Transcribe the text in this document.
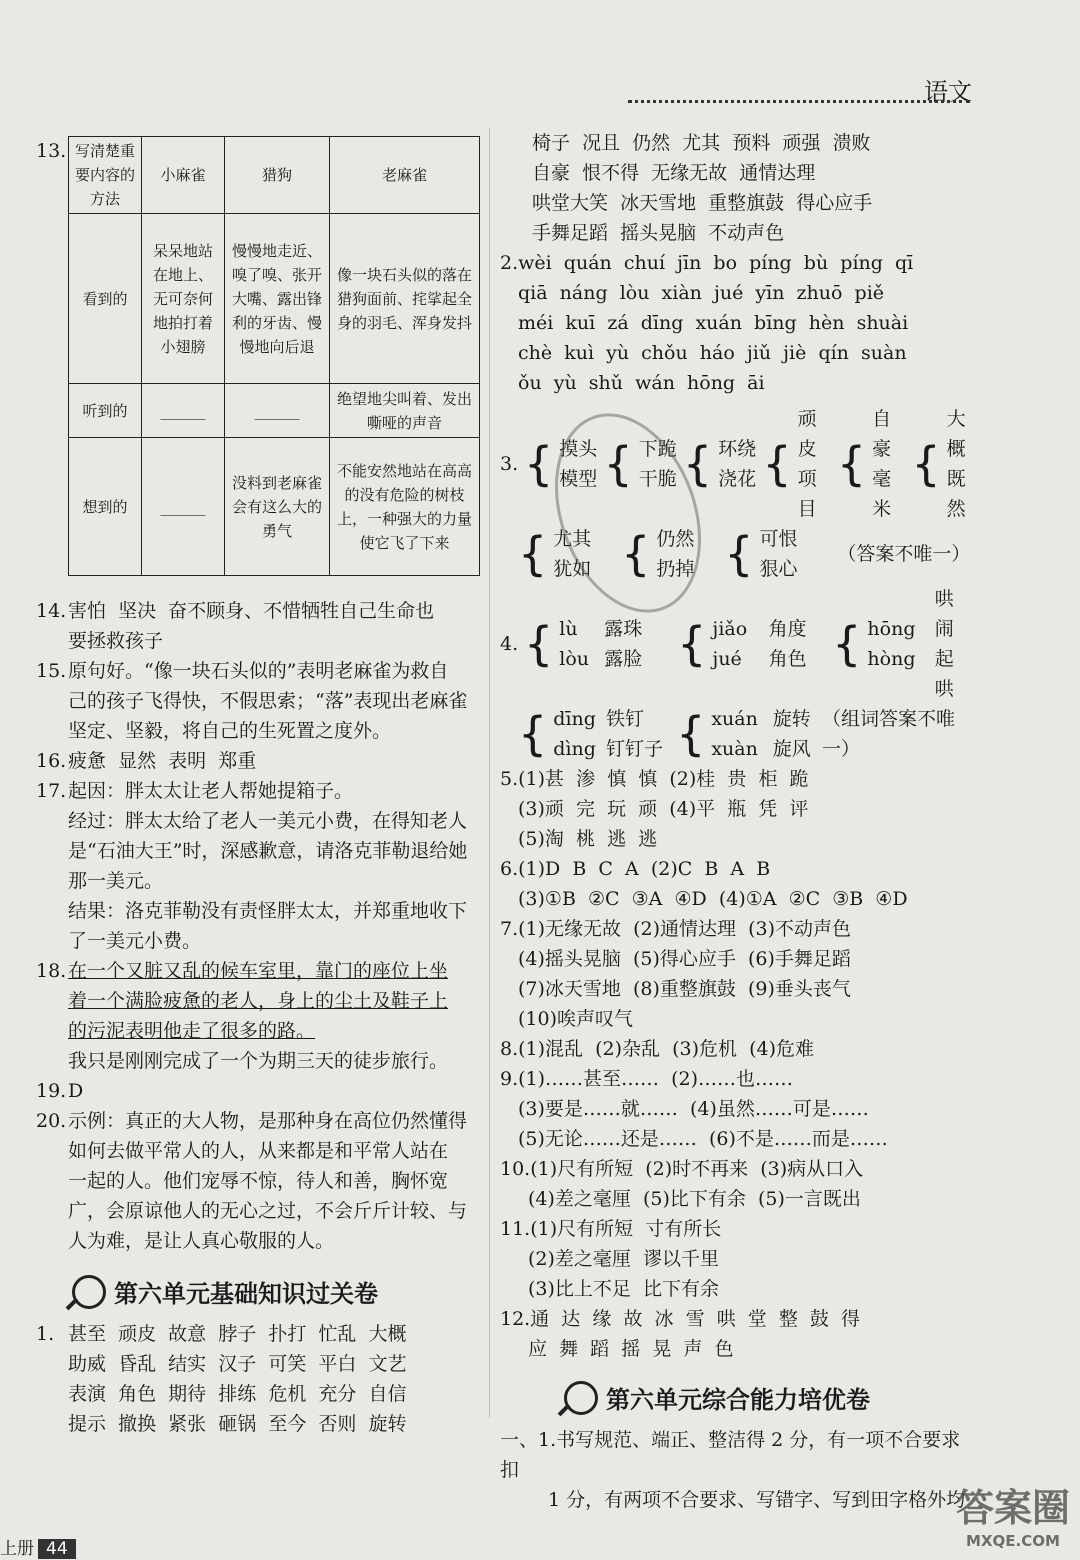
语文
13. 写清楚重要内容的方法	小麻雀	猎狗	老麻雀
看到的	呆呆地站在地上、无可奈何地拍打着小翅膀	慢慢地走近、嗅了嗅、张开大嘴、露出锋利的牙齿、慢慢地向后退	像一块石头似的落在猎狗面前、挓挲起全身的羽毛、浑身发抖
听到的	______	______	绝望地尖叫着、发出嘶哑的声音
想到的	______	没料到老麻雀会有这么大的勇气	不能安然地站在高高的没有危险的树枝上，一种强大的力量使它飞了下来
14.害怕  坚决  奋不顾身、不惜牺牲自己生命也
要拯救孩子
15.原句好。“像一块石头似的”表明老麻雀为救自
己的孩子飞得快，不假思索；“落”表现出老麻雀
坚定、坚毅，将自己的生死置之度外。
16.疲惫  显然  表明  郑重
17.起因：胖太太让老人帮她提箱子。
经过：胖太太给了老人一美元小费，在得知老人
是“石油大王”时，深感歉意，请洛克菲勒退给她
那一美元。
结果：洛克菲勒没有责怪胖太太，并郑重地收下
了一美元小费。
18.在一个又脏又乱的候车室里，靠门的座位上坐
着一个满脸疲惫的老人，身上的尘土及鞋子上
的污泥表明他走了很多的路。
我只是刚刚完成了一个为期三天的徒步旅行。
19.D
20.示例：真正的大人物，是那种身在高位仍然懂得
如何去做平常人的人，从来都是和平常人站在
一起的人。他们宠辱不惊，待人和善，胸怀宽
广，会原谅他人的无心之过，不会斤斤计较、与
人为难，是让人真心敬服的人。
第六单元基础知识过关卷
1. 甚至  顽皮  故意  脖子  扑打  忙乱  大概
助威  昏乱  结实  汉子  可笑  平白  文艺
表演  角色  期待  排练  危机  充分  自信
提示  撤换  紧张  砸锅  至今  否则  旋转
椅子  况且  仍然  尤其  预料  顽强  溃败
自豪  恨不得  无缘无故  通情达理
哄堂大笑  冰天雪地  重整旗鼓  得心应手
手舞足蹈  摇头晃脑  不动声色
2.wèi  quán  chuí  jīn  bo  píng  bù  píng  qī
qiā  náng  lòu  xiàn  jué  yīn  zhuō  piě
méi  kuī  zá  dīng  xuán  bīng  hèn  shuài
chè  kuì  yù  chǒu  háo  jiǔ  jiè  qín  suàn
ǒu  yù  shǔ  wán  hōng  āi
3. { 摸头
模型 { 下跪
干脆 { 环绕
浇花 {
顽皮
项目
{
自豪
毫米
{
大概
既然
{ 尤其
犹如 { 仍然
扔掉 { 可恨
狠心
（答案不唯一）
4. { lù
lòu
露珠
露脸 { jiǎo
jué
角度
角色 { hōng
hòng
哄闹
起哄
{ dīng
dìng
铁钉
钉钉子 { xuán
xuàn
旋转
旋风
（组词答案不唯一）
5.(1)甚  渗  慎  慎  (2)桂  贵  柜  跪
(3)顽  完  玩  顽  (4)平  瓶  凭  评
(5)淘  桃  逃  逃
6.(1)D  B  C  A  (2)C  B  A  B
(3)①B  ②C  ③A  ④D  (4)①A  ②C  ③B  ④D
7.(1)无缘无故  (2)通情达理  (3)不动声色
(4)摇头晃脑  (5)得心应手  (6)手舞足蹈
(7)冰天雪地  (8)重整旗鼓  (9)垂头丧气
(10)唉声叹气
8.(1)混乱  (2)杂乱  (3)危机  (4)危难
9.(1)……甚至……  (2)……也……
(3)要是……就……  (4)虽然……可是……
(5)无论……还是……  (6)不是……而是……
10.(1)尺有所短  (2)时不再来  (3)病从口入
(4)差之毫厘  (5)比下有余  (5)一言既出
11.(1)尺有所短  寸有所长
(2)差之毫厘  谬以千里
(3)比上不足  比下有余
12.通  达  缘  故  冰  雪  哄  堂  整  鼓  得
应  舞  蹈  摇  晃  声  色
第六单元综合能力培优卷
一、1.书写规范、端正、整洁得 2 分，有一项不合要求扣
1 分，有两项不合要求、写错字、写到田字格外均
上册 44
答案圈
MXQE.COM
